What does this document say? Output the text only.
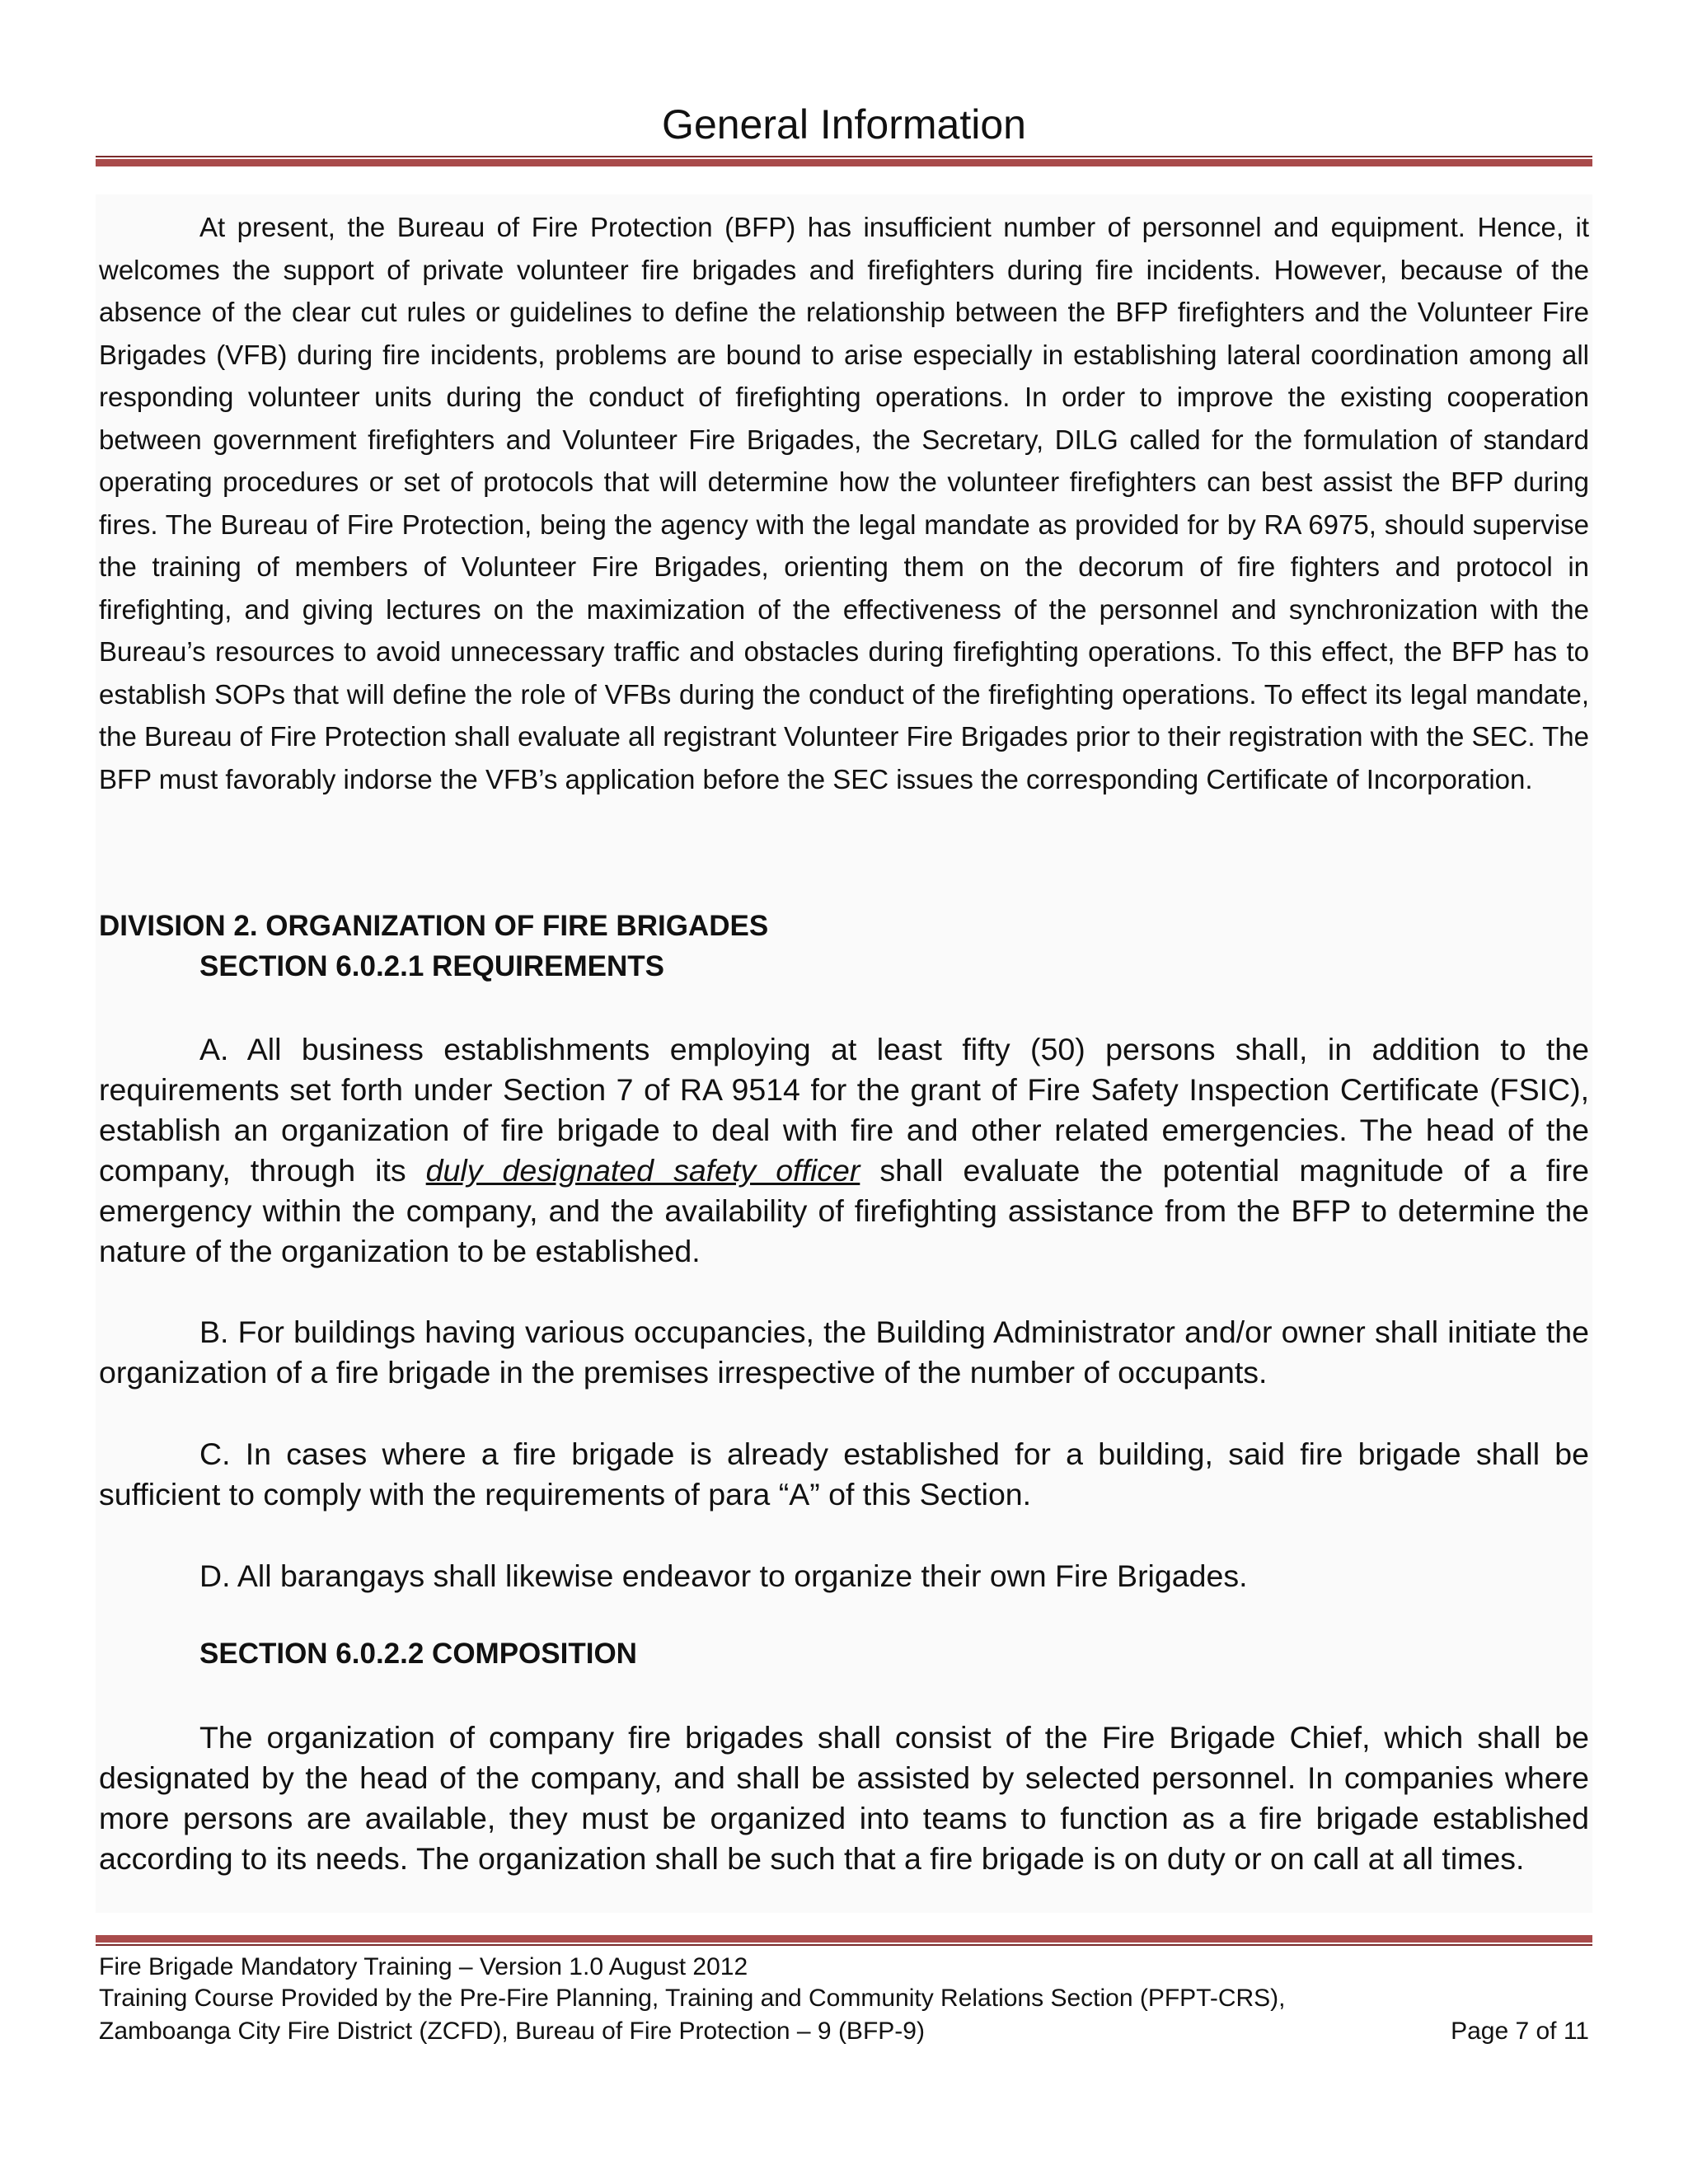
General Information
At present, the Bureau of Fire Protection (BFP) has insufficient number of personnel and equipment. Hence, it welcomes the support of private volunteer fire brigades and firefighters during fire incidents. However, because of the absence of the clear cut rules or guidelines to define the relationship between the BFP firefighters and the Volunteer Fire Brigades (VFB) during fire incidents, problems are bound to arise especially in establishing lateral coordination among all responding volunteer units during the conduct of firefighting operations. In order to improve the existing cooperation between government firefighters and Volunteer Fire Brigades, the Secretary, DILG called for the formulation of standard operating procedures or set of protocols that will determine how the volunteer firefighters can best assist the BFP during fires. The Bureau of Fire Protection, being the agency with the legal mandate as provided for by RA 6975, should supervise the training of members of Volunteer Fire Brigades, orienting them on the decorum of fire fighters and protocol in firefighting, and giving lectures on the maximization of the effectiveness of the personnel and synchronization with the Bureau’s resources to avoid unnecessary traffic and obstacles during firefighting operations. To this effect, the BFP has to establish SOPs that will define the role of VFBs during the conduct of the firefighting operations. To effect its legal mandate, the Bureau of Fire Protection shall evaluate all registrant Volunteer Fire Brigades prior to their registration with the SEC. The BFP must favorably indorse the VFB’s application before the SEC issues the corresponding Certificate of Incorporation.
DIVISION 2. ORGANIZATION OF FIRE BRIGADES
SECTION 6.0.2.1 REQUIREMENTS
A. All business establishments employing at least fifty (50) persons shall, in addition to the requirements set forth under Section 7 of RA 9514 for the grant of Fire Safety Inspection Certificate (FSIC), establish an organization of fire brigade to deal with fire and other related emergencies. The head of the company, through its duly designated safety officer shall evaluate the potential magnitude of a fire emergency within the company, and the availability of firefighting assistance from the BFP to determine the nature of the organization to be established.
B. For buildings having various occupancies, the Building Administrator and/or owner shall initiate the organization of a fire brigade in the premises irrespective of the number of occupants.
C. In cases where a fire brigade is already established for a building, said fire brigade shall be sufficient to comply with the requirements of para “A” of this Section.
D. All barangays shall likewise endeavor to organize their own Fire Brigades.
SECTION 6.0.2.2 COMPOSITION
The organization of company fire brigades shall consist of the Fire Brigade Chief, which shall be designated by the head of the company, and shall be assisted by selected personnel. In companies where more persons are available, they must be organized into teams to function as a fire brigade established according to its needs. The organization shall be such that a fire brigade is on duty or on call at all times.
Fire Brigade Mandatory Training – Version 1.0 August 2012
Training Course Provided by the Pre-Fire Planning, Training and Community Relations Section (PFPT-CRS),
Zamboanga City Fire District (ZCFD), Bureau of Fire Protection – 9 (BFP-9)	Page 7 of 11
